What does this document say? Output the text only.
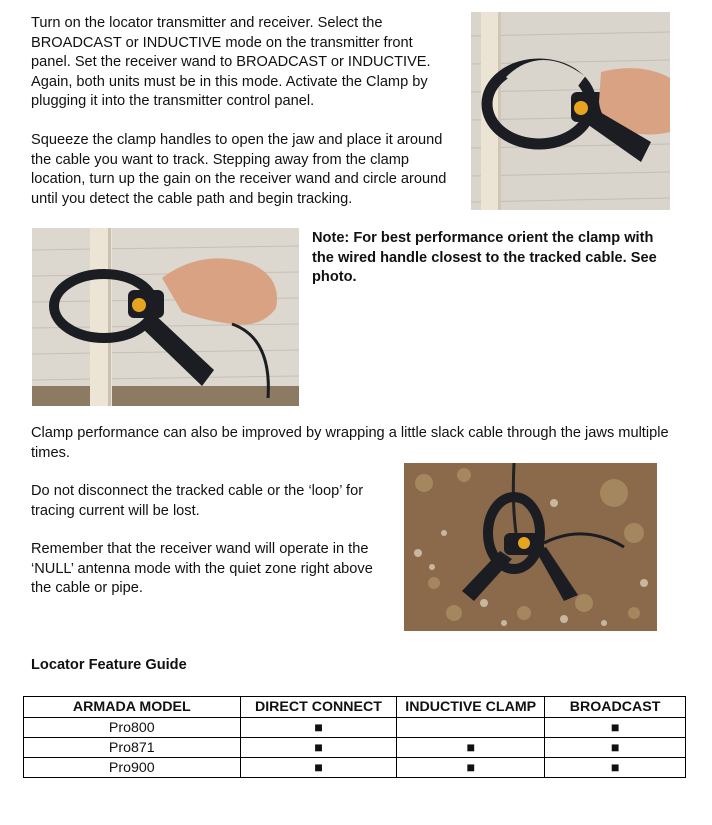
Turn on the locator transmitter and receiver. Select the BROADCAST or INDUCTIVE mode on the transmitter front panel. Set the receiver wand to BROADCAST or INDUCTIVE. Again, both units must be in this mode. Activate the Clamp by plugging it into the transmitter control panel.
Squeeze the clamp handles to open the jaw and place it around the cable you want to track. Stepping away from the clamp location, turn up the gain on the receiver wand and circle around until you detect the cable path and begin tracking.
Note: For best performance orient the clamp with the wired handle closest to the tracked cable. See photo.
Clamp performance can also be improved by wrapping a little slack cable through the jaws multiple times.
Do not disconnect the tracked cable or the ‘loop’ for tracing current will be lost.
Remember that the receiver wand will operate in the ‘NULL’ antenna mode with the quiet zone right above the cable or pipe.
Locator Feature Guide
ARMADA MODEL	DIRECT CONNECT	INDUCTIVE CLAMP	BROADCAST
Pro800	■		■
Pro871	■	■	■
Pro900	■	■	■
